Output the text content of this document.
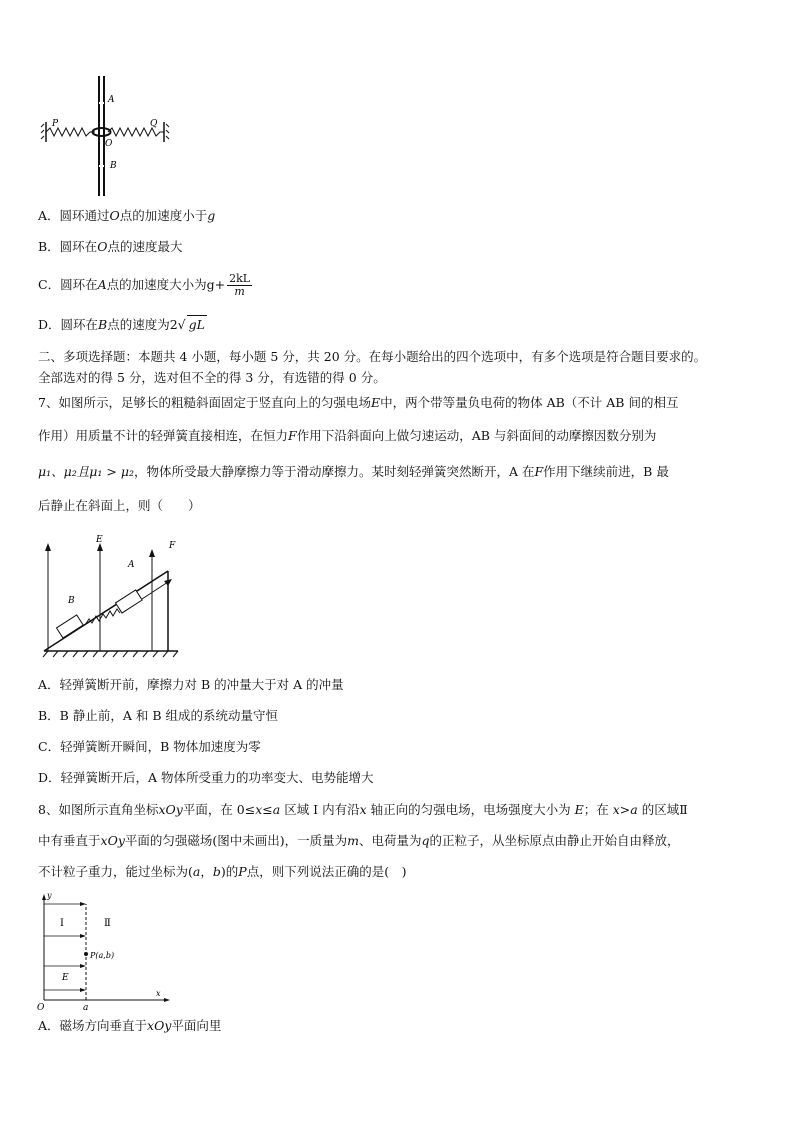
A
B
O
P	Q
A．圆环通过O点的加速度小于g
B．圆环在O点的速度最大
C．圆环在A点的加速度大小为$g+ \frac{2kL}{m}$
D．圆环在B点的速度为2√ gL
二、多项选择题：本题共 4 小题，每小题 5 分，共 20 分。在每小题给出的四个选项中，有多个选项是符合题目要求的。
全部选对的得 5 分，选对但不全的得 3 分，有选错的得 0 分。
7、如图所示，足够长的粗糙斜面固定于竖直向上的匀强电场E中，两个带等量负电荷的物体 AB（不计 AB 间的相互
作用）用质量不计的轻弹簧直接相连，在恒力F作用下沿斜面向上做匀速运动，AB 与斜面间的动摩擦因数分别为
μ₁、μ₂且μ₁ > μ₂，物体所受最大静摩擦力等于滑动摩擦力。某时刻轻弹簧突然断开，A 在F作用下继续前进，B 最
后静止在斜面上，则（　　）
E
F
A
B
A．轻弹簧断开前，摩擦力对 B 的冲量大于对 A 的冲量
B．B 静止前，A 和 B 组成的系统动量守恒
C．轻弹簧断开瞬间，B 物体加速度为零
D．轻弹簧断开后，A 物体所受重力的功率变大、电势能增大
8、如图所示直角坐标xOy平面，在 0≤x≤a 区域 Ⅰ 内有沿x 轴正向的匀强电场，电场强度大小为 E；在 x>a 的区域Ⅱ
中有垂直于xOy平面的匀强磁场(图中未画出)，一质量为m、电荷量为q的正粒子，从坐标原点由静止开始自由释放，
不计粒子重力，能过坐标为(a，b)的P点，则下列说法正确的是(　)
y
x
O	a
Ⅰ	Ⅱ
E
P(a,b)
A．磁场方向垂直于xOy平面向里
